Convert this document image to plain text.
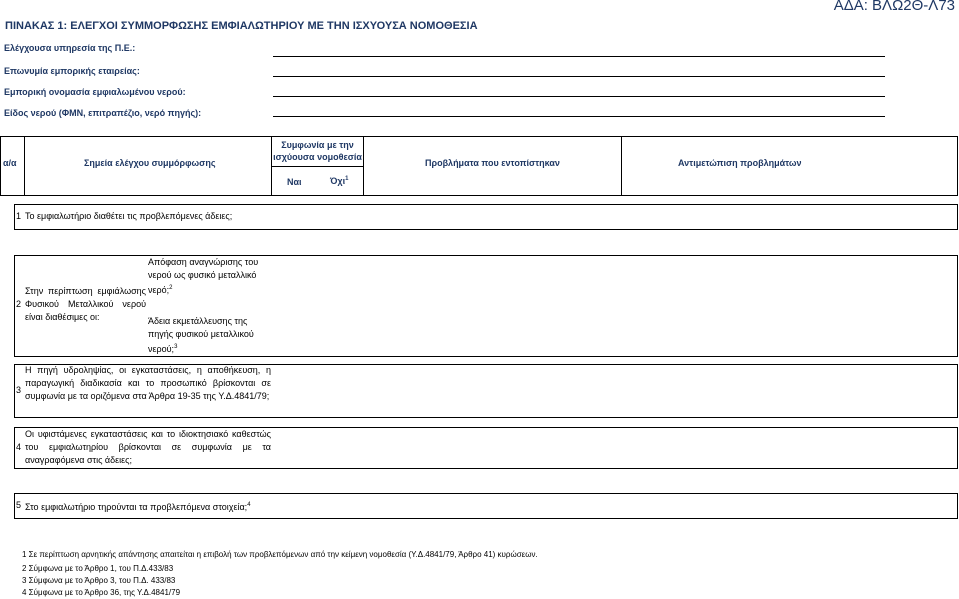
ΑΔΑ: ΒΛΩ2Θ-Λ73
ΠΙΝΑΚΑΣ 1: ΕΛΕΓΧΟΙ ΣΥΜΜΟΡΦΩΣΗΣ ΕΜΦΙΑΛΩΤΗΡΙΟΥ ΜΕ ΤΗΝ ΙΣΧΥΟΥΣΑ ΝΟΜΟΘΕΣΙΑ
Ελέγχουσα υπηρεσία της Π.Ε.:
Επωνυμία εμπορικής εταιρείας:
Εμπορική ονομασία εμφιαλωμένου νερού:
Είδος νερού (ΦΜΝ, επιτραπέζιο, νερό πηγής):
α/α	Σημεία ελέγχου συμμόρφωσης
Συμφωνία με την ισχύουσα νομοθεσία
Ναι	Όχι$^1$
Προβλήματα που εντοπίστηκαν	Αντιμετώπιση προβλημάτων
1 Το εμφιαλωτήριο διαθέτει τις προβλεπόμενες άδειες;
2
Στην περίπτωση εμφιάλωσης Φυσικού Μεταλλικού νερού είναι διαθέσιμες οι:
Απόφαση αναγνώρισης του νερού ως φυσικό μεταλλικό νερό;$^2$
Άδεια εκμετάλλευσης της πηγής φυσικού μεταλλικού νερού;$^3$
3
Η πηγή υδροληψίας, οι εγκαταστάσεις, η αποθήκευση, η παραγωγική διαδικασία και το προσωπικό βρίσκονται σε συμφωνία με τα οριζόμενα στα Άρθρα 19-35 της Υ.Δ.4841/79;
4
Οι υφιστάμενες εγκαταστάσεις και το ιδιοκτησιακό καθεστώς του εμφιαλωτηρίου βρίσκονται σε συμφωνία με τα αναγραφόμενα στις άδειες;
5 Στο εμφιαλωτήριο τηρούνται τα προβλεπόμενα στοιχεία;$^4$
1 Σε περίπτωση αρνητικής απάντησης απαιτείται η επιβολή των προβλεπόμενων από την κείμενη νομοθεσία (Υ.Δ.4841/79, Άρθρο 41) κυρώσεων.
2 Σύμφωνα με το Άρθρο 1, του Π.Δ.433/83
3 Σύμφωνα με το Άρθρο 3, του Π.Δ. 433/83
4 Σύμφωνα με το Άρθρο 36, της Υ.Δ.4841/79
